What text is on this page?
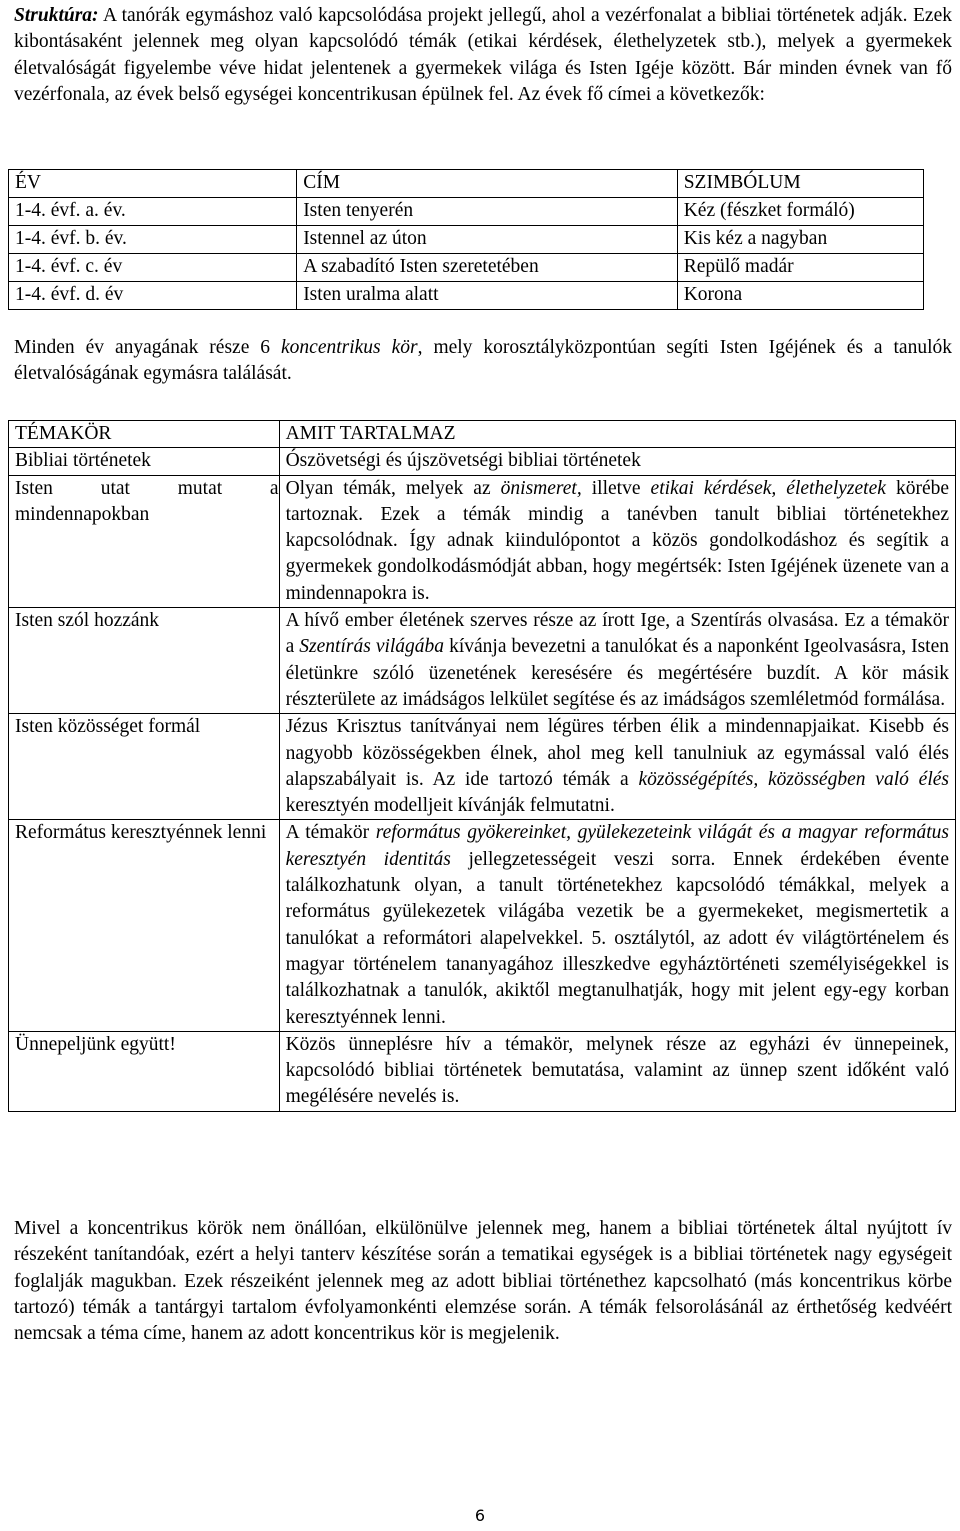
Struktúra: A tanórák egymáshoz való kapcsolódása projekt jellegű, ahol a vezérfonalat a bibliai történetek adják. Ezek kibontásaként jelennek meg olyan kapcsolódó témák (etikai kérdések, élethelyzetek stb.), melyek a gyermekek életvalóságát figyelembe véve hidat jelentenek a gyermekek világa és Isten Igéje között. Bár minden évnek van fő vezérfonala, az évek belső egységei koncentrikusan épülnek fel. Az évek fő címei a következők:

ÉV	CÍM	SZIMBÓLUM
1-4. évf. a. év.	Isten tenyerén	Kéz (fészket formáló)
1-4. évf. b. év.	Istennel az úton	Kis kéz a nagyban
1-4. évf. c. év	A szabadító Isten szeretetében	Repülő madár
1-4. évf. d. év	Isten uralma alatt	Korona

Minden év anyagának része 6 koncentrikus kör, mely korosztályközpontúan segíti Isten Igéjének és a tanulók életvalóságának egymásra találását.

TÉMAKÖR	AMIT TARTALMAZ
Bibliai történetek	Ószövetségi és újszövetségi bibliai történetek
Isten utat mutat a mindennapokban	Olyan témák, melyek az önismeret, illetve etikai kérdések, élethelyzetek körébe tartoznak. Ezek a témák mindig a tanévben tanult bibliai történetekhez kapcsolódnak. Így adnak kiindulópontot a közös gondolkodáshoz és segítik a gyermekek gondolkodásmódját abban, hogy megértsék: Isten Igéjének üzenete van a mindennapokra is.
Isten szól hozzánk	A hívő ember életének szerves része az írott Ige, a Szentírás olvasása. Ez a témakör a Szentírás világába kívánja bevezetni a tanulókat és a naponként Igeolvasásra, Isten életünkre szóló üzenetének keresésére és megértésére buzdít. A kör másik részterülete az imádságos lelkület segítése és az imádságos szemléletmód formálása.
Isten közösséget formál	Jézus Krisztus tanítványai nem légüres térben élik a mindennapjaikat. Kisebb és nagyobb közösségekben élnek, ahol meg kell tanulniuk az egymással való élés alapszabályait is. Az ide tartozó témák a közösségépítés, közösségben való élés keresztyén modelljeit kívánják felmutatni.
Református keresztyénnek lenni	A témakör református gyökereinket, gyülekezeteink világát és a magyar református keresztyén identitás jellegzetességeit veszi sorra. Ennek érdekében évente találkozhatunk olyan, a tanult történetekhez kapcsolódó témákkal, melyek a református gyülekezetek világába vezetik be a gyermekeket, megismertetik a tanulókat a reformátori alapelvekkel. 5. osztálytól, az adott év világtörténelem és magyar történelem tananyagához illeszkedve egyháztörténeti személyiségekkel is találkozhatnak a tanulók, akiktől megtanulhatják, hogy mit jelent egy-egy korban keresztyénnek lenni.
Ünnepeljünk együtt!	Közös ünneplésre hív a témakör, melynek része az egyházi év ünnepeinek, kapcsolódó bibliai történetek bemutatása, valamint az ünnep szent időként való megélésére nevelés is.

Mivel a koncentrikus körök nem önállóan, elkülönülve jelennek meg, hanem a bibliai történetek által nyújtott ív részeként tanítandóak, ezért a helyi tanterv készítése során a tematikai egységek is a bibliai történetek nagy egységeit foglalják magukban. Ezek részeiként jelennek meg az adott bibliai történethez kapcsolható (más koncentrikus körbe tartozó) témák a tantárgyi tartalom évfolyamonkénti elemzése során. A témák felsorolásánál az érthetőség kedvéért nemcsak a téma címe, hanem az adott koncentrikus kör is megjelenik.

6
